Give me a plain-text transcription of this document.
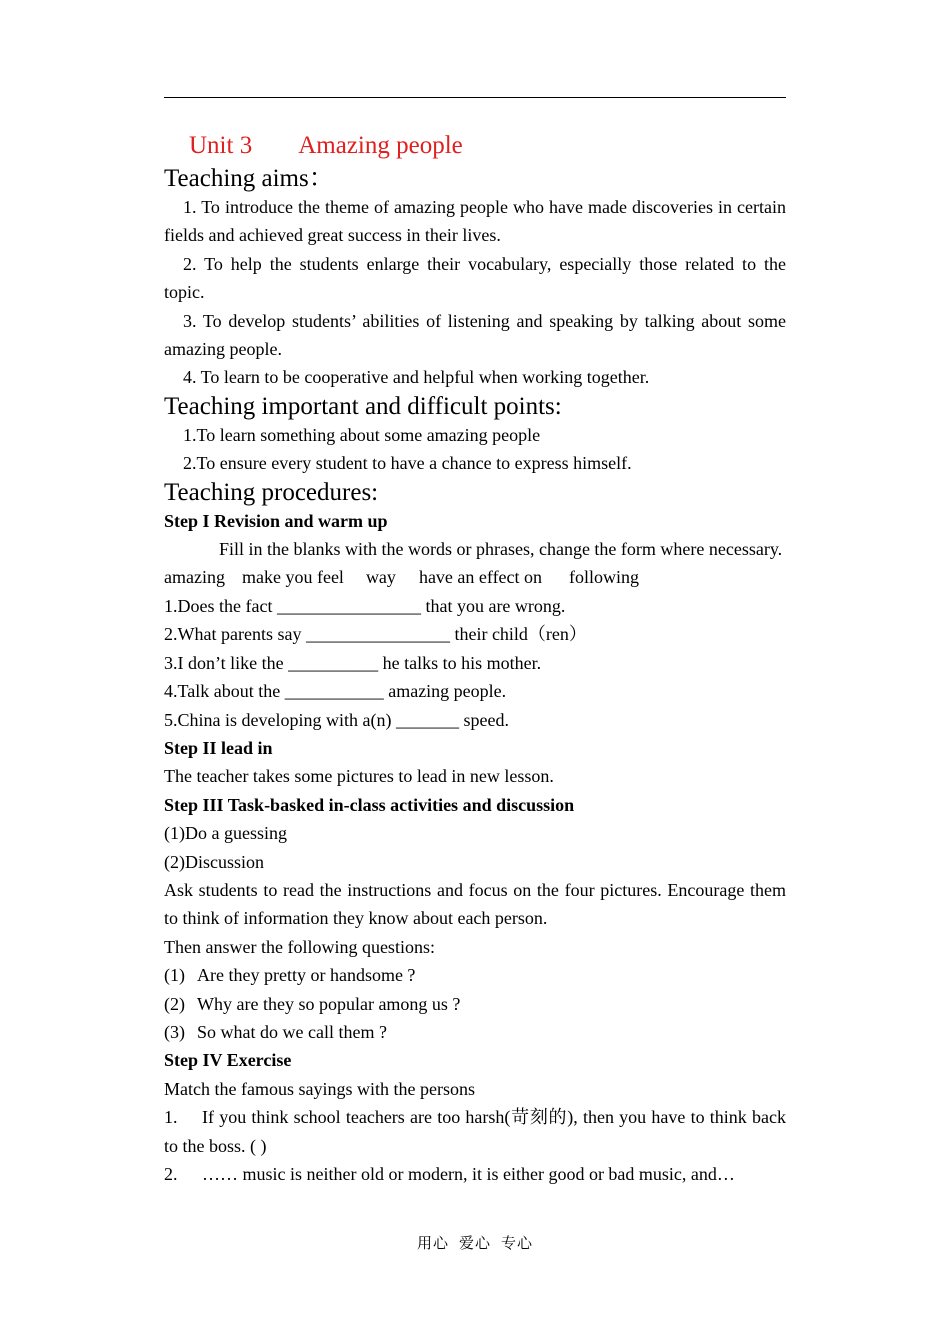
Unit 3 Amazing people
Teaching aims：
1. To introduce the theme of amazing people who have made discoveries in certain fields and achieved great success in their lives.
2. To help the students enlarge their vocabulary, especially those related to the topic.
3. To develop students’ abilities of listening and speaking by talking about some amazing people.
4. To learn to be cooperative and helpful when working together.
Teaching important and difficult points:
1.To learn something about some amazing people
2.To ensure every student to have a chance to express himself.
Teaching procedures:
Step I Revision and warm up
Fill in the blanks with the words or phrases, change the form where necessary.
amazing make you feel way have an effect on following
1.Does the fact ________________ that you are wrong.
2.What parents say ________________ their child（ren）
3.I don’t like the __________ he talks to his mother.
4.Talk about the ___________ amazing people.
5.China is developing with a(n) _______ speed.
Step II lead in
The teacher takes some pictures to lead in new lesson.
Step III Task-basked in-class activities and discussion
(1)Do a guessing
(2)Discussion
Ask students to read the instructions and focus on the four pictures. Encourage them to think of information they know about each person.
Then answer the following questions:
(1) Are they pretty or handsome ?
(2) Why are they so popular among us ?
(3) So what do we call them ?
Step IV Exercise
Match the famous sayings with the persons
1. If you think school teachers are too harsh(苛刻的), then you have to think back to the boss. ( )
2. …… music is neither old or modern, it is either good or bad music, and…
用心 爱心 专心
